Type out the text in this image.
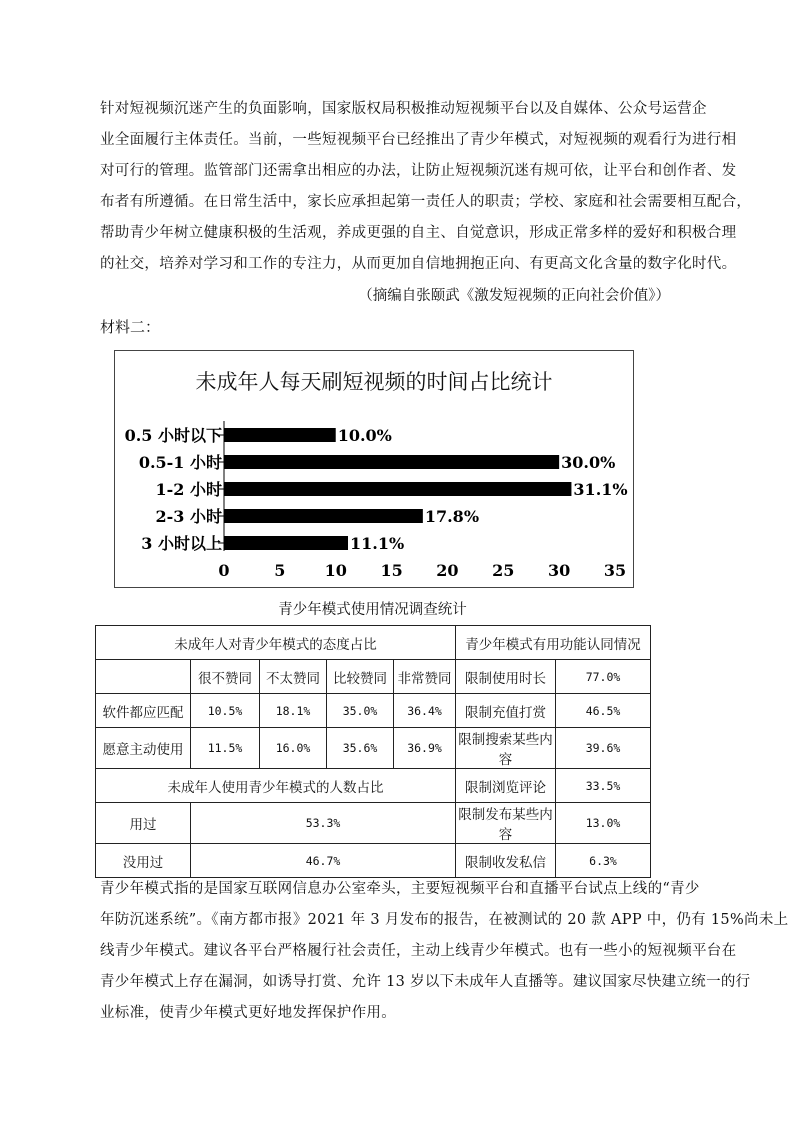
针对短视频沉迷产生的负面影响，国家版权局积极推动短视频平台以及自媒体、公众号运营企
业全面履行主体责任。当前，一些短视频平台已经推出了青少年模式，对短视频的观看行为进行相
对可行的管理。监管部门还需拿出相应的办法，让防止短视频沉迷有规可依，让平台和创作者、发
布者有所遵循。在日常生活中，家长应承担起第一责任人的职责；学校、家庭和社会需要相互配合，
帮助青少年树立健康积极的生活观，养成更强的自主、自觉意识，形成正常多样的爱好和积极合理
的社交，培养对学习和工作的专注力，从而更加自信地拥抱正向、有更高文化含量的数字化时代。
（摘编自张颐武《激发短视频的正向社会价值》）
材料二：
未成年人每天刷短视频的时间占比统计
0.5 小时以下	10.0%
0.5-1 小时	30.0%
1-2 小时	31.1%
2-3 小时	17.8%
3 小时以上	11.1%
0	5 10 15 20 25 30 35
青少年模式使用情况调查统计
未成年人对青少年模式的态度占比					青少年模式有用功能认同情况	
	很不赞同	不太赞同	比较赞同	非常赞同	限制使用时长	77.0%
软件都应匹配	10.5%	18.1%	35.0%	36.4%	限制充值打赏	46.5%
愿意主动使用	11.5%	16.0%	35.6%	36.9%	限制搜索某些内容	39.6%
未成年人使用青少年模式的人数占比					限制浏览评论	33.5%
用过	53.3%				限制发布某些内容	13.0%
没用过	46.7%				限制收发私信	6.3%
青少年模式指的是国家互联网信息办公室牵头，主要短视频平台和直播平台试点上线的“青少
年防沉迷系统”。《南方都市报》2021 年 3 月发布的报告，在被测试的 20 款 APP 中，仍有 15%尚未上
线青少年模式。建议各平台严格履行社会责任，主动上线青少年模式。也有一些小的短视频平台在
青少年模式上存在漏洞，如诱导打赏、允许 13 岁以下未成年人直播等。建议国家尽快建立统一的行
业标准，使青少年模式更好地发挥保护作用。
